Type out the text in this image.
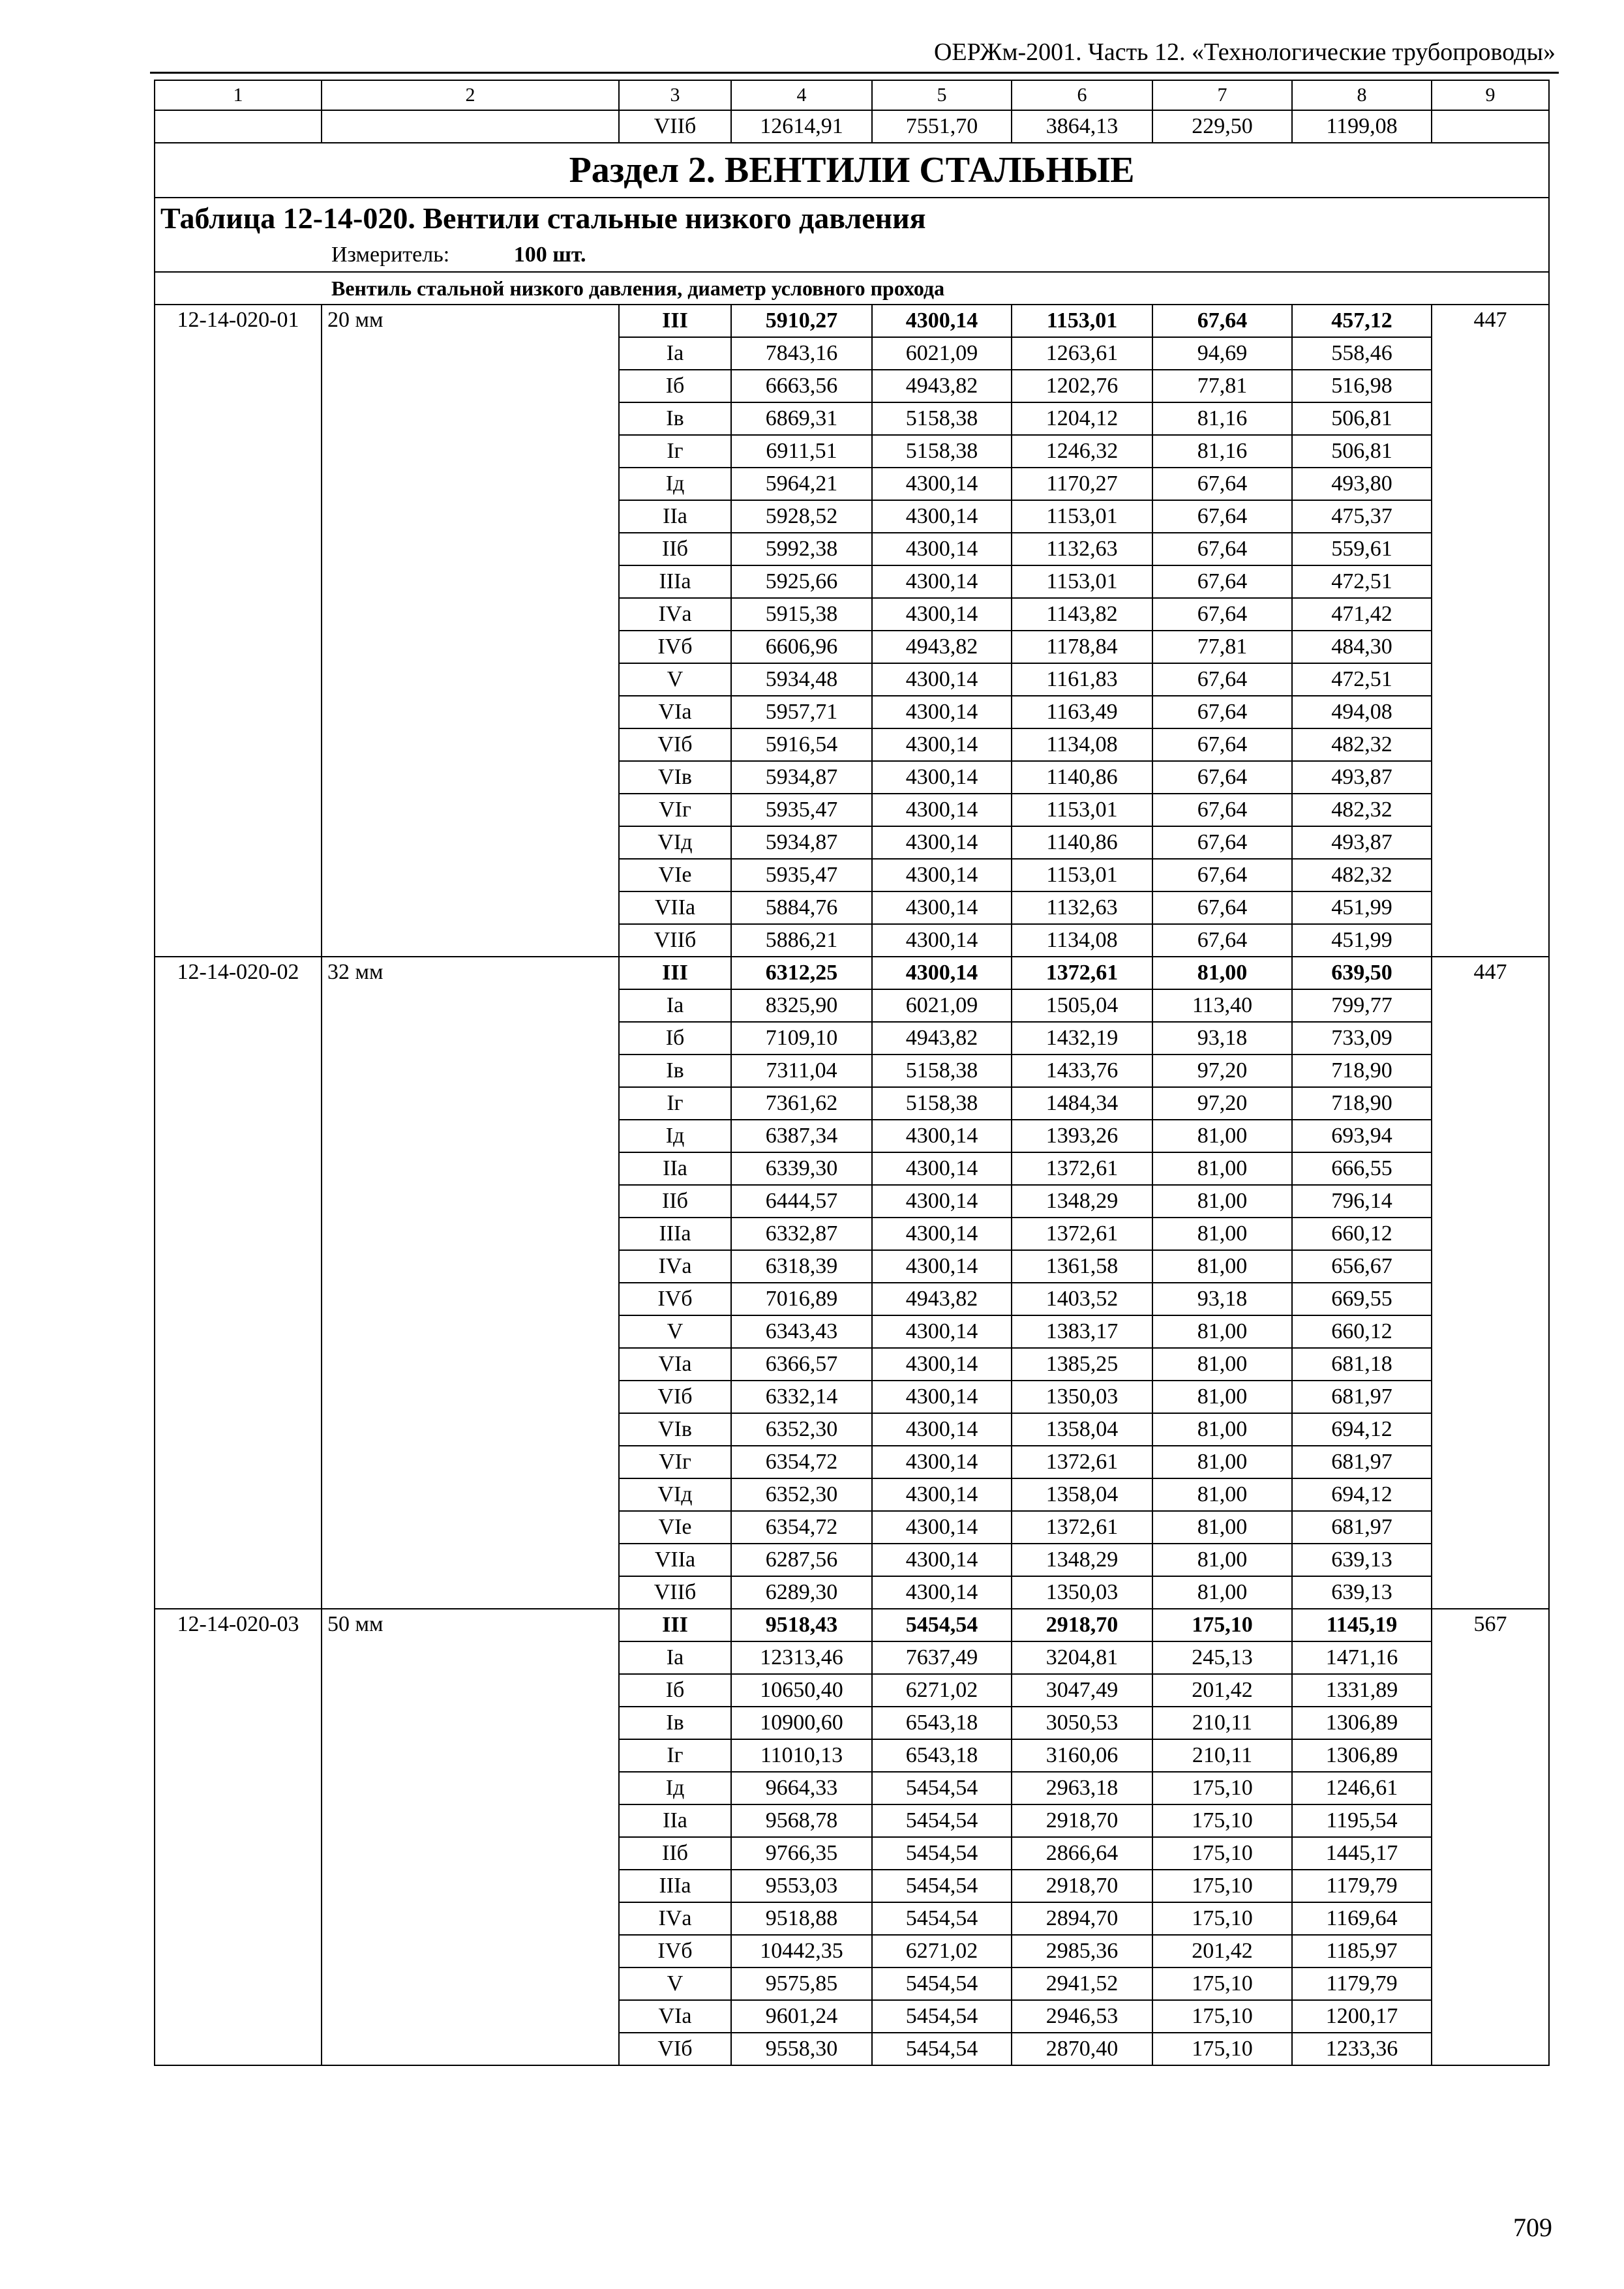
ОЕРЖм-2001. Часть 12. «Технологические трубопроводы»
1	2	3	4	5	6	7	8	9
		VIIб	12614,91	7551,70	3864,13	229,50	1199,08	
Раздел 2. ВЕНТИЛИ СТАЛЬНЫЕ								
Таблица 12-14-020. Вентили стальные низкого давления								
Измеритель: 100 шт.								
Вентиль стальной низкого давления, диаметр условного прохода								
12-14-020-01	20 мм	III	5910,27	4300,14	1153,01	67,64	457,12	447
		Iа	7843,16	6021,09	1263,61	94,69	558,46	
		Iб	6663,56	4943,82	1202,76	77,81	516,98	
		Iв	6869,31	5158,38	1204,12	81,16	506,81	
		Iг	6911,51	5158,38	1246,32	81,16	506,81	
		Iд	5964,21	4300,14	1170,27	67,64	493,80	
		IIа	5928,52	4300,14	1153,01	67,64	475,37	
		IIб	5992,38	4300,14	1132,63	67,64	559,61	
		IIIа	5925,66	4300,14	1153,01	67,64	472,51	
		IVа	5915,38	4300,14	1143,82	67,64	471,42	
		IVб	6606,96	4943,82	1178,84	77,81	484,30	
		V	5934,48	4300,14	1161,83	67,64	472,51	
		VIа	5957,71	4300,14	1163,49	67,64	494,08	
		VIб	5916,54	4300,14	1134,08	67,64	482,32	
		VIв	5934,87	4300,14	1140,86	67,64	493,87	
		VIг	5935,47	4300,14	1153,01	67,64	482,32	
		VIд	5934,87	4300,14	1140,86	67,64	493,87	
		VIе	5935,47	4300,14	1153,01	67,64	482,32	
		VIIа	5884,76	4300,14	1132,63	67,64	451,99	
		VIIб	5886,21	4300,14	1134,08	67,64	451,99	
12-14-020-02	32 мм	III	6312,25	4300,14	1372,61	81,00	639,50	447
		Iа	8325,90	6021,09	1505,04	113,40	799,77	
		Iб	7109,10	4943,82	1432,19	93,18	733,09	
		Iв	7311,04	5158,38	1433,76	97,20	718,90	
		Iг	7361,62	5158,38	1484,34	97,20	718,90	
		Iд	6387,34	4300,14	1393,26	81,00	693,94	
		IIа	6339,30	4300,14	1372,61	81,00	666,55	
		IIб	6444,57	4300,14	1348,29	81,00	796,14	
		IIIа	6332,87	4300,14	1372,61	81,00	660,12	
		IVа	6318,39	4300,14	1361,58	81,00	656,67	
		IVб	7016,89	4943,82	1403,52	93,18	669,55	
		V	6343,43	4300,14	1383,17	81,00	660,12	
		VIа	6366,57	4300,14	1385,25	81,00	681,18	
		VIб	6332,14	4300,14	1350,03	81,00	681,97	
		VIв	6352,30	4300,14	1358,04	81,00	694,12	
		VIг	6354,72	4300,14	1372,61	81,00	681,97	
		VIд	6352,30	4300,14	1358,04	81,00	694,12	
		VIе	6354,72	4300,14	1372,61	81,00	681,97	
		VIIа	6287,56	4300,14	1348,29	81,00	639,13	
		VIIб	6289,30	4300,14	1350,03	81,00	639,13	
12-14-020-03	50 мм	III	9518,43	5454,54	2918,70	175,10	1145,19	567
		Iа	12313,46	7637,49	3204,81	245,13	1471,16	
		Iб	10650,40	6271,02	3047,49	201,42	1331,89	
		Iв	10900,60	6543,18	3050,53	210,11	1306,89	
		Iг	11010,13	6543,18	3160,06	210,11	1306,89	
		Iд	9664,33	5454,54	2963,18	175,10	1246,61	
		IIа	9568,78	5454,54	2918,70	175,10	1195,54	
		IIб	9766,35	5454,54	2866,64	175,10	1445,17	
		IIIа	9553,03	5454,54	2918,70	175,10	1179,79	
		IVа	9518,88	5454,54	2894,70	175,10	1169,64	
		IVб	10442,35	6271,02	2985,36	201,42	1185,97	
		V	9575,85	5454,54	2941,52	175,10	1179,79	
		VIа	9601,24	5454,54	2946,53	175,10	1200,17	
		VIб	9558,30	5454,54	2870,40	175,10	1233,36	
709
